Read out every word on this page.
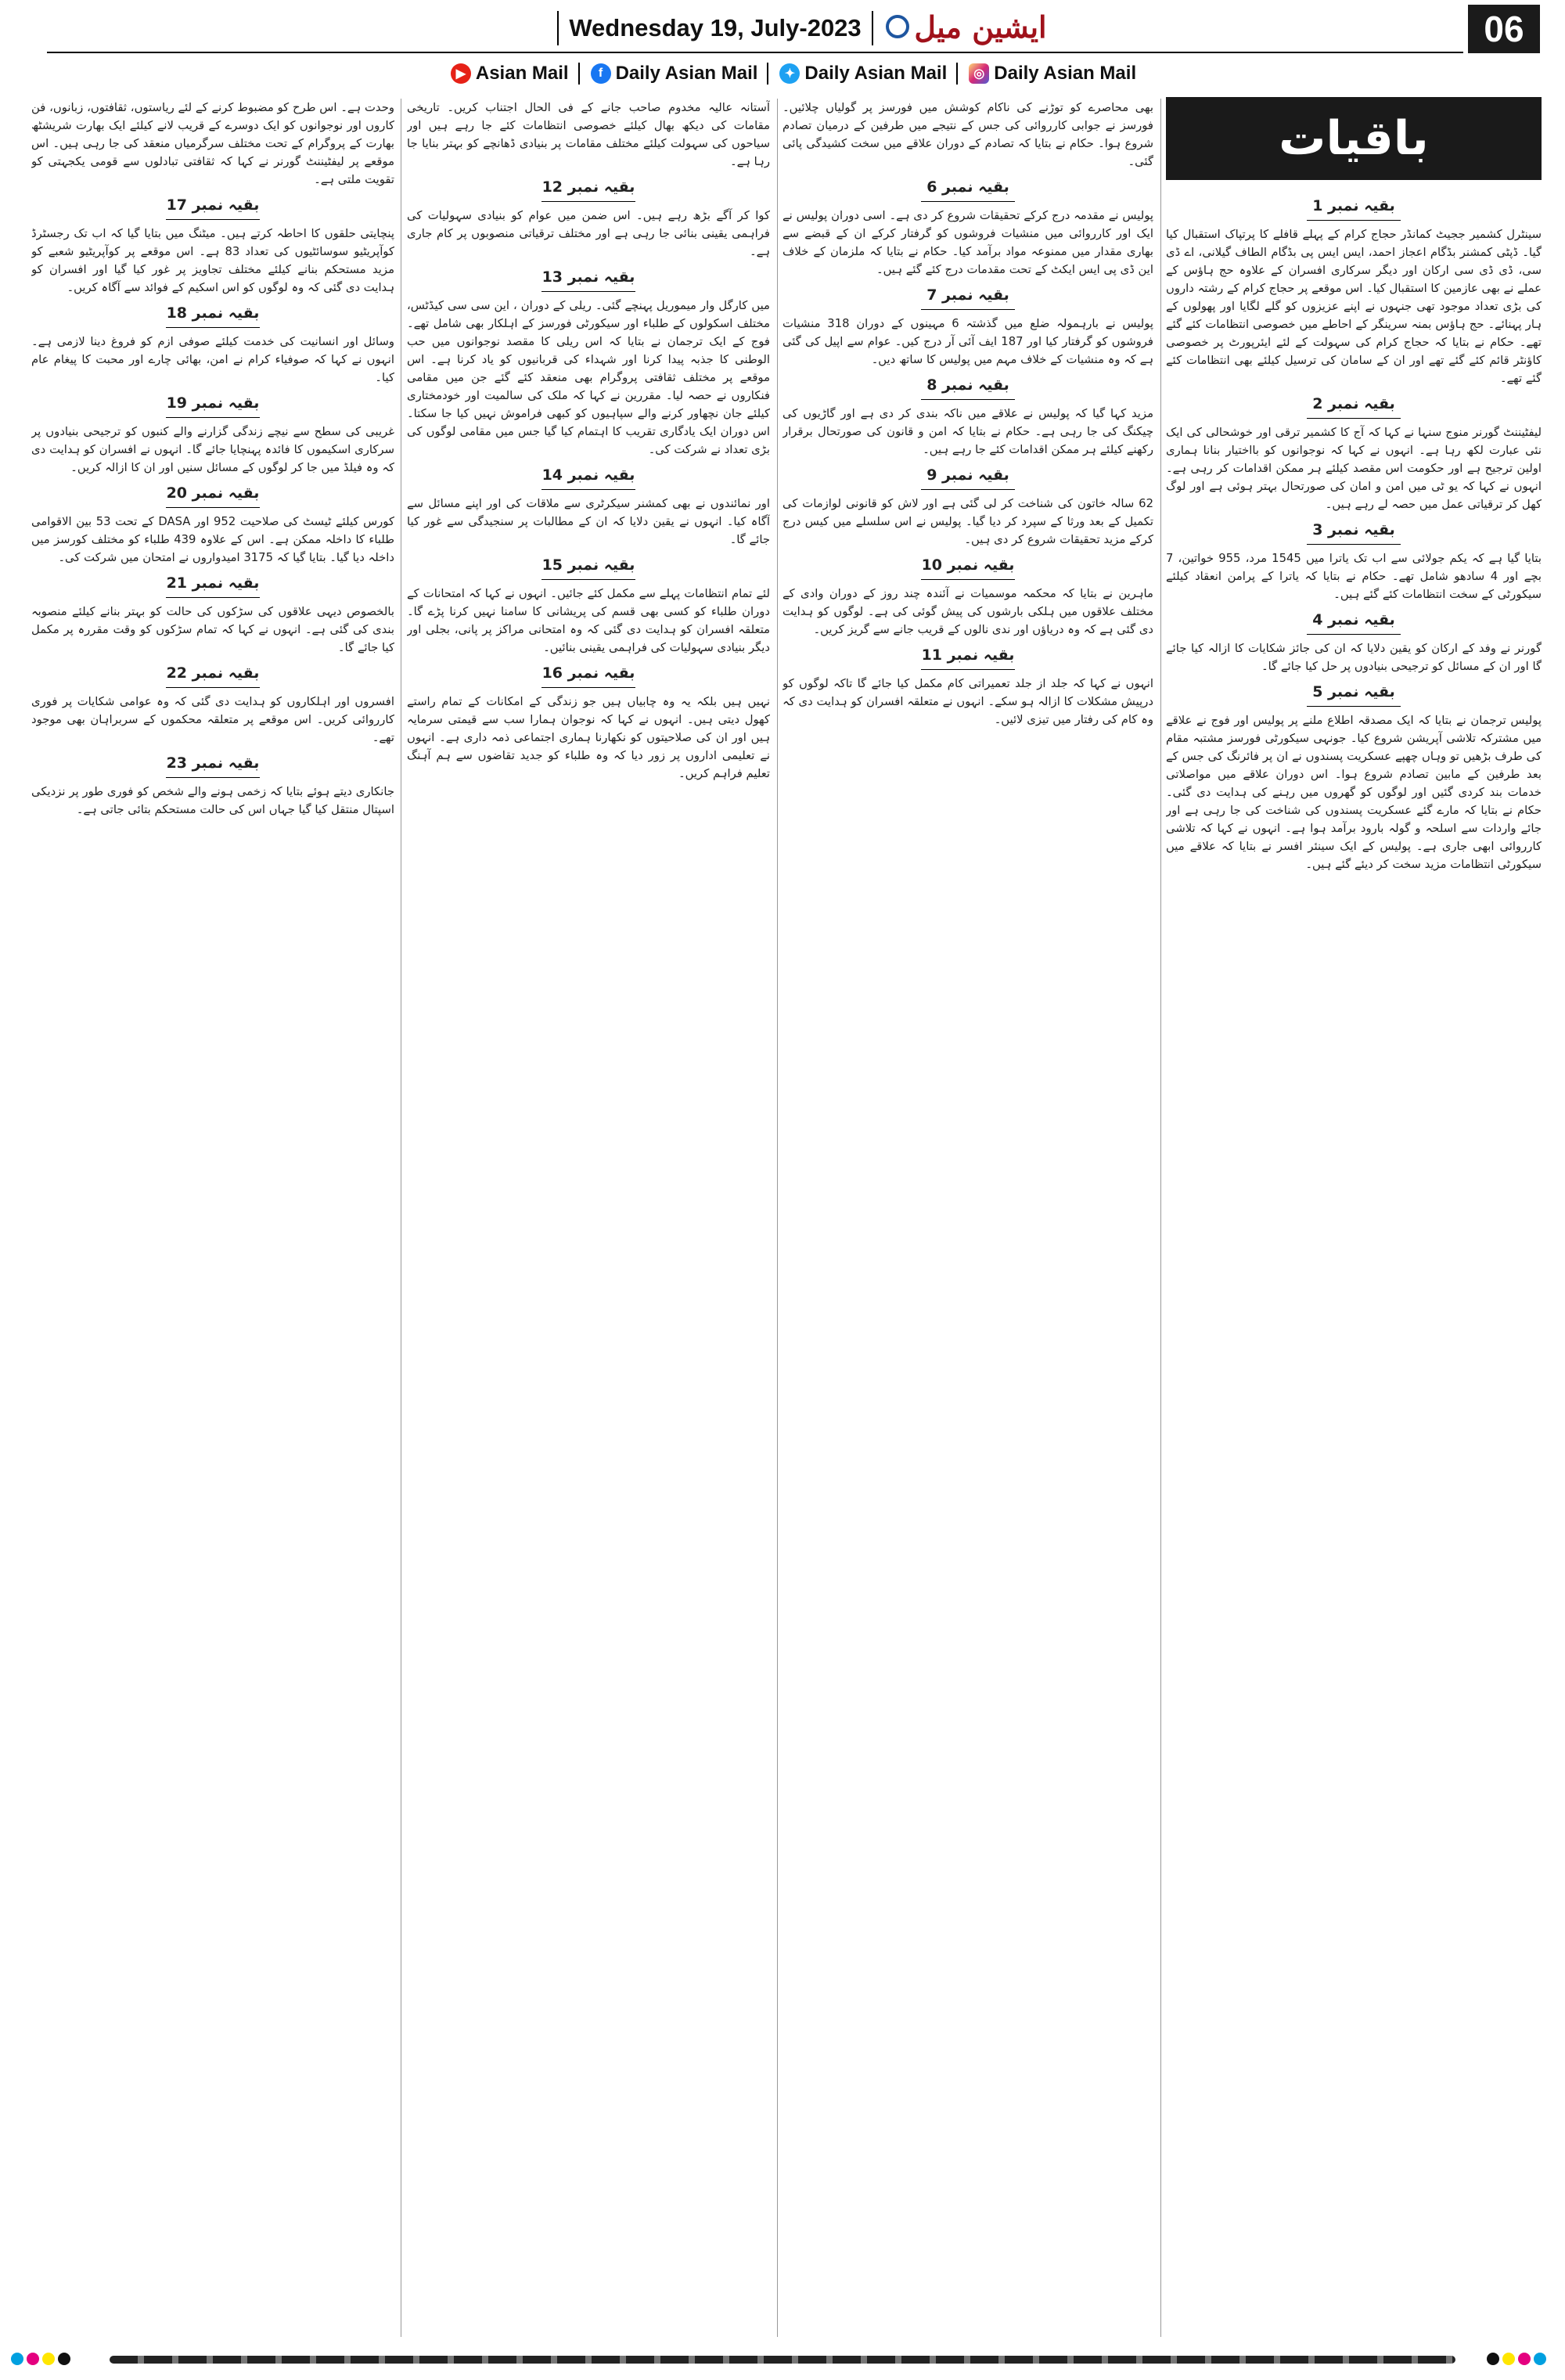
Wednesday 19, July-2023	ایشین میل	06
▶ Asian Mail	f Daily Asian Mail	✦ Daily Asian Mail	◎ Daily Asian Mail
باقیات
بقیہ نمبر 1
سینٹرل کشمیر ججیٹ کمانڈر حجاج کرام کے پہلے قافلے کا پرتپاک استقبال کیا گیا۔ ڈپٹی کمشنر بڈگام اعجاز احمد، ایس ایس پی بڈگام الطاف گیلانی، اے ڈی سی، ڈی ڈی سی ارکان اور دیگر سرکاری افسران کے علاوہ حج ہاؤس کے عملے نے بھی عازمین کا استقبال کیا۔ اس موقعے پر حجاج کرام کے رشتہ داروں کی بڑی تعداد موجود تھی جنہوں نے اپنے عزیزوں کو گلے لگایا اور پھولوں کے ہار پہنائے۔ حج ہاؤس بمنہ سرینگر کے احاطے میں خصوصی انتظامات کئے گئے تھے۔ حکام نے بتایا کہ حجاج کرام کی سہولت کے لئے ایئرپورٹ پر خصوصی کاؤنٹر قائم کئے گئے تھے اور ان کے سامان کی ترسیل کیلئے بھی انتظامات کئے گئے تھے۔
بقیہ نمبر 2
لیفٹیننٹ گورنر منوج سنہا نے کہا کہ آج کا کشمیر ترقی اور خوشحالی کی ایک نئی عبارت لکھ رہا ہے۔ انہوں نے کہا کہ نوجوانوں کو بااختیار بنانا ہماری اولین ترجیح ہے اور حکومت اس مقصد کیلئے ہر ممکن اقدامات کر رہی ہے۔ انہوں نے کہا کہ یو ٹی میں امن و امان کی صورتحال بہتر ہوئی ہے اور لوگ کھل کر ترقیاتی عمل میں حصہ لے رہے ہیں۔
بقیہ نمبر 3
بتایا گیا ہے کہ یکم جولائی سے اب تک یاترا میں 1545 مرد، 955 خواتین، 7 بچے اور 4 سادھو شامل تھے۔ حکام نے بتایا کہ یاترا کے پرامن انعقاد کیلئے سیکورٹی کے سخت انتظامات کئے گئے ہیں۔
بقیہ نمبر 4
گورنر نے وفد کے ارکان کو یقین دلایا کہ ان کی جائز شکایات کا ازالہ کیا جائے گا اور ان کے مسائل کو ترجیحی بنیادوں پر حل کیا جائے گا۔
بقیہ نمبر 5
پولیس ترجمان نے بتایا کہ ایک مصدقہ اطلاع ملنے پر پولیس اور فوج نے علاقے میں مشترکہ تلاشی آپریشن شروع کیا۔ جونہی سیکورٹی فورسز مشتبہ مقام کی طرف بڑھیں تو وہاں چھپے عسکریت پسندوں نے ان پر فائرنگ کی جس کے بعد طرفین کے مابین تصادم شروع ہوا۔ اس دوران علاقے میں مواصلاتی خدمات بند کردی گئیں اور لوگوں کو گھروں میں رہنے کی ہدایت دی گئی۔ حکام نے بتایا کہ مارے گئے عسکریت پسندوں کی شناخت کی جا رہی ہے اور جائے واردات سے اسلحہ و گولہ بارود برآمد ہوا ہے۔ انہوں نے کہا کہ تلاشی کارروائی ابھی جاری ہے۔ پولیس کے ایک سینئر افسر نے بتایا کہ علاقے میں سیکورٹی انتظامات مزید سخت کر دیئے گئے ہیں۔
بھی محاصرے کو توڑنے کی ناکام کوشش میں فورسز پر گولیاں چلائیں۔ فورسز نے جوابی کارروائی کی جس کے نتیجے میں طرفین کے درمیان تصادم شروع ہوا۔ حکام نے بتایا کہ تصادم کے دوران علاقے میں سخت کشیدگی پائی گئی۔
بقیہ نمبر 6
پولیس نے مقدمہ درج کرکے تحقیقات شروع کر دی ہے۔ اسی دوران پولیس نے ایک اور کارروائی میں منشیات فروشوں کو گرفتار کرکے ان کے قبضے سے بھاری مقدار میں ممنوعہ مواد برآمد کیا۔ حکام نے بتایا کہ ملزمان کے خلاف این ڈی پی ایس ایکٹ کے تحت مقدمات درج کئے گئے ہیں۔
بقیہ نمبر 7
پولیس نے بارہمولہ ضلع میں گذشتہ 6 مہینوں کے دوران 318 منشیات فروشوں کو گرفتار کیا اور 187 ایف آئی آر درج کیں۔ عوام سے اپیل کی گئی ہے کہ وہ منشیات کے خلاف مہم میں پولیس کا ساتھ دیں۔
بقیہ نمبر 8
مزید کہا گیا کہ پولیس نے علاقے میں ناکہ بندی کر دی ہے اور گاڑیوں کی چیکنگ کی جا رہی ہے۔ حکام نے بتایا کہ امن و قانون کی صورتحال برقرار رکھنے کیلئے ہر ممکن اقدامات کئے جا رہے ہیں۔
بقیہ نمبر 9
62 سالہ خاتون کی شناخت کر لی گئی ہے اور لاش کو قانونی لوازمات کی تکمیل کے بعد ورثا کے سپرد کر دیا گیا۔ پولیس نے اس سلسلے میں کیس درج کرکے مزید تحقیقات شروع کر دی ہیں۔
بقیہ نمبر 10
ماہرین نے بتایا کہ محکمہ موسمیات نے آئندہ چند روز کے دوران وادی کے مختلف علاقوں میں ہلکی بارشوں کی پیش گوئی کی ہے۔ لوگوں کو ہدایت دی گئی ہے کہ وہ دریاؤں اور ندی نالوں کے قریب جانے سے گریز کریں۔
بقیہ نمبر 11
انہوں نے کہا کہ جلد از جلد تعمیراتی کام مکمل کیا جائے گا تاکہ لوگوں کو درپیش مشکلات کا ازالہ ہو سکے۔ انہوں نے متعلقہ افسران کو ہدایت دی کہ وہ کام کی رفتار میں تیزی لائیں۔
آستانہ عالیہ مخدوم صاحب جانے کے فی الحال اجتناب کریں۔ تاریخی مقامات کی دیکھ بھال کیلئے خصوصی انتظامات کئے جا رہے ہیں اور سیاحوں کی سہولت کیلئے مختلف مقامات پر بنیادی ڈھانچے کو بہتر بنایا جا رہا ہے۔
بقیہ نمبر 12
کوا کر آگے بڑھ رہے ہیں۔ اس ضمن میں عوام کو بنیادی سہولیات کی فراہمی یقینی بنائی جا رہی ہے اور مختلف ترقیاتی منصوبوں پر کام جاری ہے۔
بقیہ نمبر 13
میں کارگل وار میموریل پہنچے گئی۔ ریلی کے دوران ، این سی سی کیڈٹس، مختلف اسکولوں کے طلباء اور سیکورٹی فورسز کے اہلکار بھی شامل تھے۔ فوج کے ایک ترجمان نے بتایا کہ اس ریلی کا مقصد نوجوانوں میں حب الوطنی کا جذبہ پیدا کرنا اور شہداء کی قربانیوں کو یاد کرنا ہے۔ اس موقعے پر مختلف ثقافتی پروگرام بھی منعقد کئے گئے جن میں مقامی فنکاروں نے حصہ لیا۔ مقررین نے کہا کہ ملک کی سالمیت اور خودمختاری کیلئے جان نچھاور کرنے والے سپاہیوں کو کبھی فراموش نہیں کیا جا سکتا۔ اس دوران ایک یادگاری تقریب کا اہتمام کیا گیا جس میں مقامی لوگوں کی بڑی تعداد نے شرکت کی۔
بقیہ نمبر 14
اور نمائندوں نے بھی کمشنر سیکرٹری سے ملاقات کی اور اپنے مسائل سے آگاہ کیا۔ انہوں نے یقین دلایا کہ ان کے مطالبات پر سنجیدگی سے غور کیا جائے گا۔
بقیہ نمبر 15
لئے تمام انتظامات پہلے سے مکمل کئے جائیں۔ انہوں نے کہا کہ امتحانات کے دوران طلباء کو کسی بھی قسم کی پریشانی کا سامنا نہیں کرنا پڑے گا۔ متعلقہ افسران کو ہدایت دی گئی کہ وہ امتحانی مراکز پر پانی، بجلی اور دیگر بنیادی سہولیات کی فراہمی یقینی بنائیں۔
بقیہ نمبر 16
نہیں ہیں بلکہ یہ وہ چابیاں ہیں جو زندگی کے امکانات کے تمام راستے کھول دیتی ہیں۔ انہوں نے کہا کہ نوجوان ہمارا سب سے قیمتی سرمایہ ہیں اور ان کی صلاحیتوں کو نکھارنا ہماری اجتماعی ذمہ داری ہے۔ انہوں نے تعلیمی اداروں پر زور دیا کہ وہ طلباء کو جدید تقاضوں سے ہم آہنگ تعلیم فراہم کریں۔
وحدت ہے۔ اس طرح کو مضبوط کرنے کے لئے ریاستوں، ثقافتوں، زبانوں، فن کاروں اور نوجوانوں کو ایک دوسرے کے قریب لانے کیلئے ایک بھارت شریشٹھ بھارت کے پروگرام کے تحت مختلف سرگرمیاں منعقد کی جا رہی ہیں۔ اس موقعے پر لیفٹیننٹ گورنر نے کہا کہ ثقافتی تبادلوں سے قومی یکجہتی کو تقویت ملتی ہے۔
بقیہ نمبر 17
پنچایتی حلقوں کا احاطہ کرتے ہیں۔ میٹنگ میں بتایا گیا کہ اب تک رجسٹرڈ کوآپریٹیو سوسائٹیوں کی تعداد 83 ہے۔ اس موقعے پر کوآپریٹیو شعبے کو مزید مستحکم بنانے کیلئے مختلف تجاویز پر غور کیا گیا اور افسران کو ہدایت دی گئی کہ وہ لوگوں کو اس اسکیم کے فوائد سے آگاہ کریں۔
بقیہ نمبر 18
وسائل اور انسانیت کی خدمت کیلئے صوفی ازم کو فروغ دینا لازمی ہے۔ انہوں نے کہا کہ صوفیاء کرام نے امن، بھائی چارے اور محبت کا پیغام عام کیا۔
بقیہ نمبر 19
غریبی کی سطح سے نیچے زندگی گزارنے والے کنبوں کو ترجیحی بنیادوں پر سرکاری اسکیموں کا فائدہ پہنچایا جائے گا۔ انہوں نے افسران کو ہدایت دی کہ وہ فیلڈ میں جا کر لوگوں کے مسائل سنیں اور ان کا ازالہ کریں۔
بقیہ نمبر 20
کورس کیلئے ٹیسٹ کی صلاحیت 952 اور DASA کے تحت 53 بین الاقوامی طلباء کا داخلہ ممکن ہے۔ اس کے علاوہ 439 طلباء کو مختلف کورسز میں داخلہ دیا گیا۔ بتایا گیا کہ 3175 امیدواروں نے امتحان میں شرکت کی۔
بقیہ نمبر 21
بالخصوص دیہی علاقوں کی سڑکوں کی حالت کو بہتر بنانے کیلئے منصوبہ بندی کی گئی ہے۔ انہوں نے کہا کہ تمام سڑکوں کو وقت مقررہ پر مکمل کیا جائے گا۔
بقیہ نمبر 22
افسروں اور اہلکاروں کو ہدایت دی گئی کہ وہ عوامی شکایات پر فوری کارروائی کریں۔ اس موقعے پر متعلقہ محکموں کے سربراہان بھی موجود تھے۔
بقیہ نمبر 23
جانکاری دیتے ہوئے بتایا کہ زخمی ہونے والے شخص کو فوری طور پر نزدیکی اسپتال منتقل کیا گیا جہاں اس کی حالت مستحکم بتائی جاتی ہے۔
